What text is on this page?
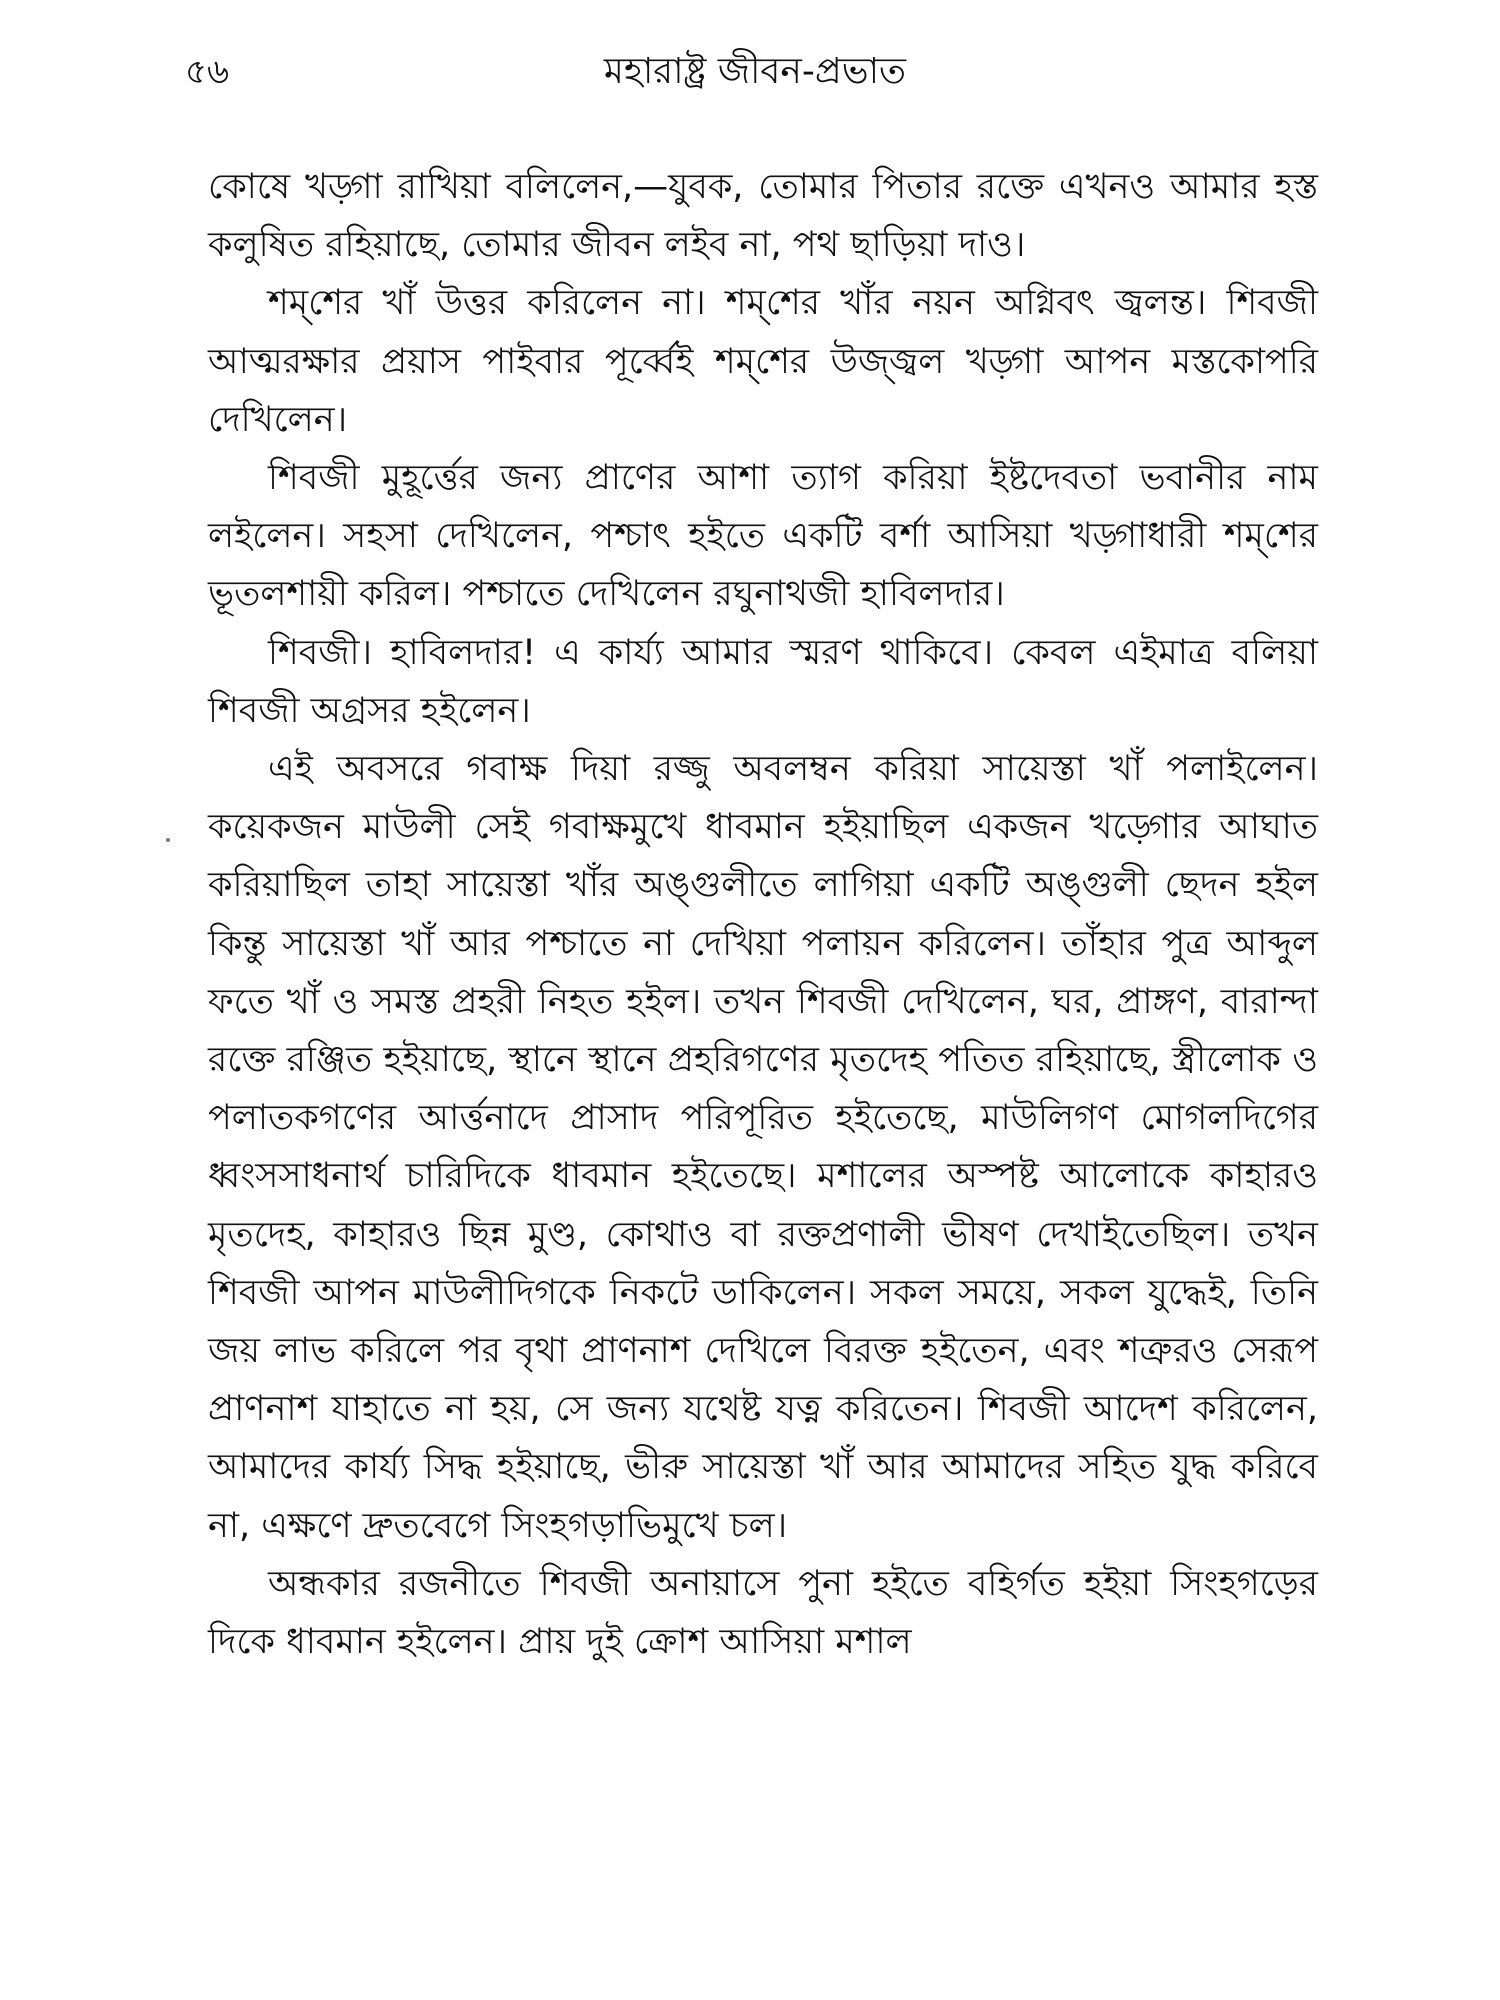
৫৬	মহারাষ্ট্র জীবন-প্রভাত

কোষে খড়্গা রাখিয়া বলিলেন,—যুবক, তোমার পিতার রক্তে এখনও আমার হস্ত কলুষিত রহিয়াছে, তোমার জীবন লইব না, পথ ছাড়িয়া দাও।

শম্‌শের খাঁ উত্তর করিলেন না। শম্‌শের খাঁর নয়ন অগ্নিবৎ জ্বলন্ত। শিবজী আত্মরক্ষার প্রয়াস পাইবার পূর্ব্বেই শম্‌শের উজ্জ্বল খড়্গা আপন মস্তকোপরি দেখিলেন।

শিবজী মুহূর্ত্তের জন্য প্রাণের আশা ত্যাগ করিয়া ইষ্টদেবতা ভবানীর নাম লইলেন। সহসা দেখিলেন, পশ্চাৎ হইতে একটি বর্শা আসিয়া খড়্গাধারী শম্‌শের ভূতলশায়ী করিল। পশ্চাতে দেখিলেন রঘুনাথজী হাবিলদার।

শিবজী। হাবিলদার! এ কার্য্য আমার স্মরণ থাকিবে। কেবল এইমাত্র বলিয়া শিবজী অগ্রসর হইলেন।

এই অবসরে গবাক্ষ দিয়া রজ্জু অবলম্বন করিয়া সায়েস্তা খাঁ পলাইলেন। কয়েকজন মাউলী সেই গবাক্ষমুখে ধাবমান হইয়াছিল একজন খড়্গোর আঘাত করিয়াছিল তাহা সায়েস্তা খাঁর অঙ্গুলীতে লাগিয়া একটি অঙ্গুলী ছেদন হইল কিন্তু সায়েস্তা খাঁ আর পশ্চাতে না দেখিয়া পলায়ন করিলেন। তাঁহার পুত্র আব্দুল ফতে খাঁ ও সমস্ত প্রহরী নিহত হইল। তখন শিবজী দেখিলেন, ঘর, প্রাঙ্গণ, বারান্দা রক্তে রঞ্জিত হইয়াছে, স্থানে স্থানে প্রহরিগণের মৃতদেহ পতিত রহিয়াছে, স্ত্রীলোক ও পলাতকগণের আর্ত্তনাদে প্রাসাদ পরিপূরিত হইতেছে, মাউলিগণ মোগলদিগের ধ্বংসসাধনার্থ চারিদিকে ধাবমান হইতেছে। মশালের অস্পষ্ট আলোকে কাহারও মৃতদেহ, কাহারও ছিন্ন মুণ্ড, কোথাও বা রক্তপ্রণালী ভীষণ দেখাইতেছিল। তখন শিবজী আপন মাউলীদিগকে নিকটে ডাকিলেন। সকল সময়ে, সকল যুদ্ধেই, তিনি জয় লাভ করিলে পর বৃথা প্রাণনাশ দেখিলে বিরক্ত হইতেন, এবং শত্রুরও সেরূপ প্রাণনাশ যাহাতে না হয়, সে জন্য যথেষ্ট যত্ন করিতেন। শিবজী আদেশ করিলেন, আমাদের কার্য্য সিদ্ধ হইয়াছে, ভীরু সায়েস্তা খাঁ আর আমাদের সহিত যুদ্ধ করিবে না, এক্ষণে দ্রুতবেগে সিংহগড়াভিমুখে চল।

অন্ধকার রজনীতে শিবজী অনায়াসে পুনা হইতে বহির্গত হইয়া সিংহগড়ের দিকে ধাবমান হইলেন। প্রায় দুই ক্রোশ আসিয়া মশাল
